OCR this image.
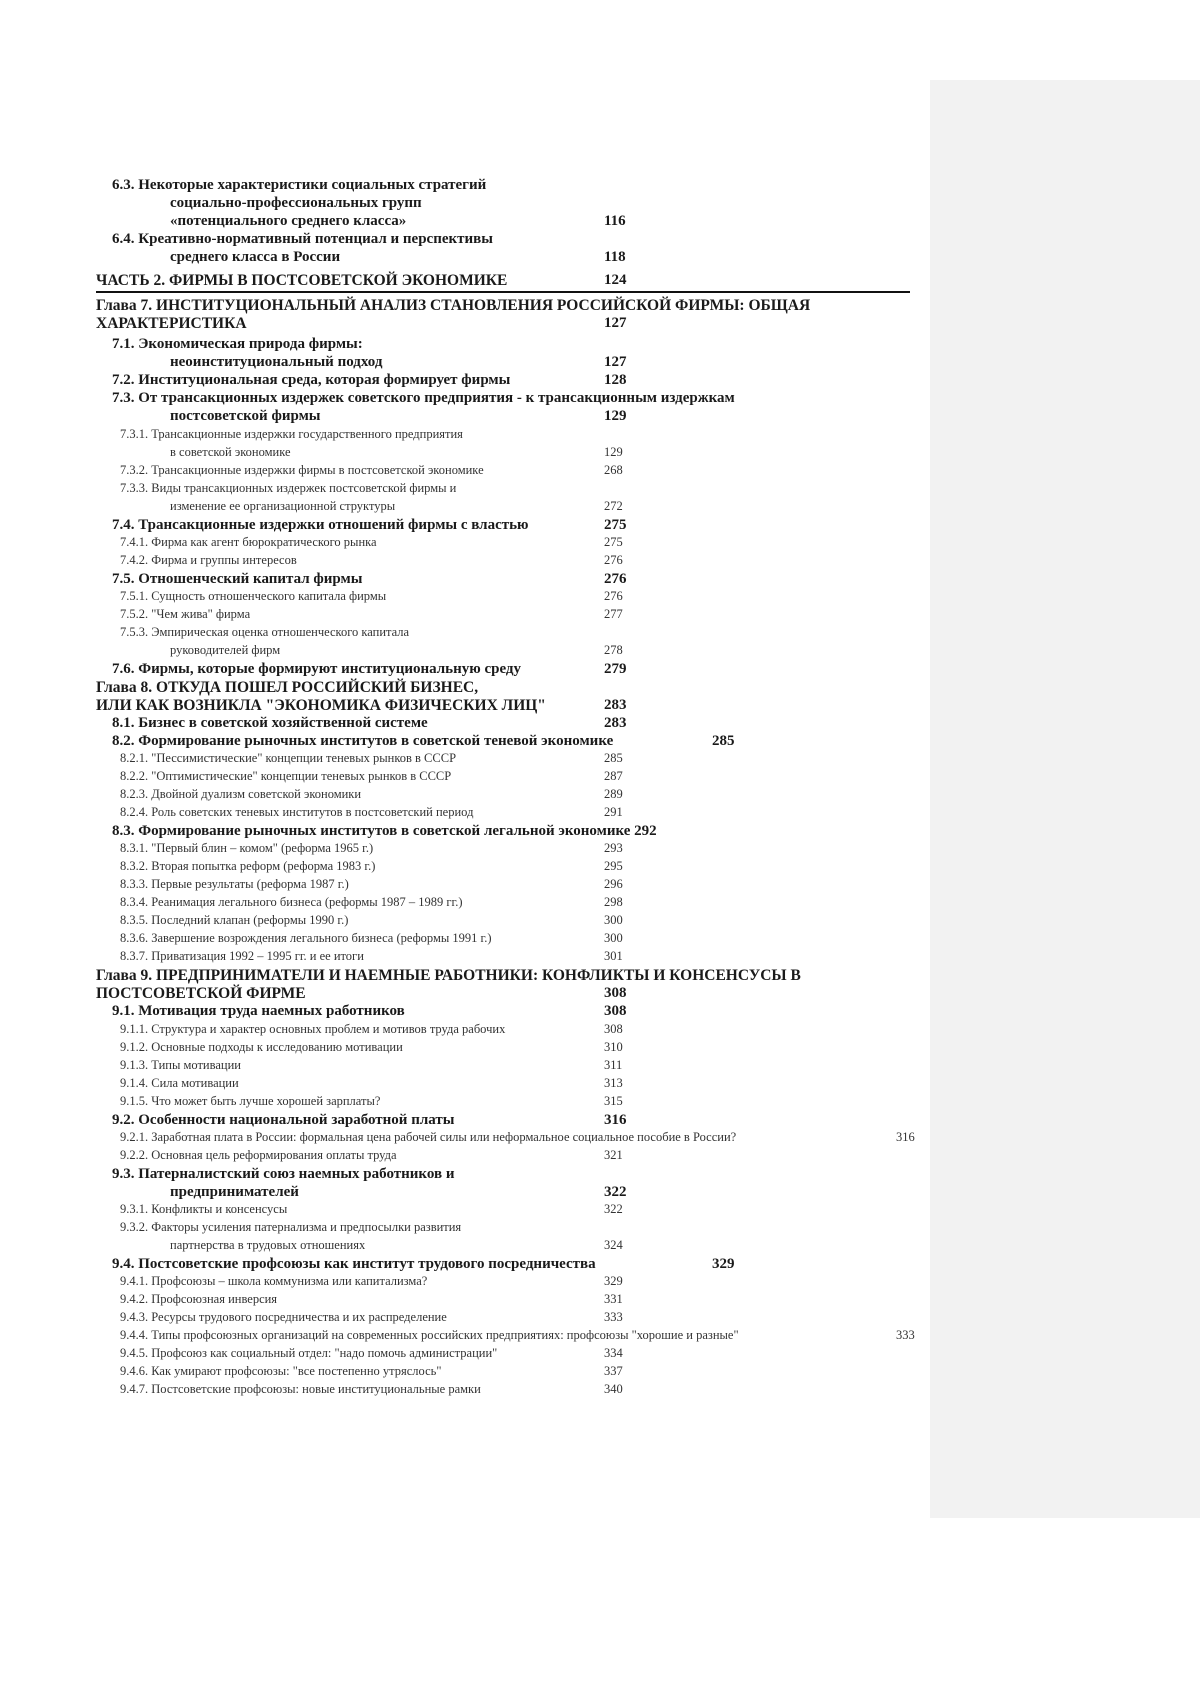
6.3. Некоторые характеристики социальных стратегий
социально-профессиональных групп
«потенциального среднего класса»	116
6.4. Креативно-нормативный потенциал и перспективы
среднего класса в России	118
ЧАСТЬ 2. ФИРМЫ В ПОСТСОВЕТСКОЙ ЭКОНОМИКЕ	124
Глава 7. ИНСТИТУЦИОНАЛЬНЫЙ АНАЛИЗ СТАНОВЛЕНИЯ РОССИЙСКОЙ ФИРМЫ: ОБЩАЯ
ХАРАКТЕРИСТИКА	127
7.1. Экономическая природа фирмы:
неоинституциональный подход	127
7.2. Институциональная среда, которая формирует фирмы	128
7.3. От трансакционных издержек советского предприятия - к трансакционным издержкам
постсоветской фирмы	129
7.3.1. Трансакционные издержки государственного предприятия
в советской экономике	129
7.3.2. Трансакционные издержки фирмы в постсоветской экономике	268
7.3.3. Виды трансакционных издержек постсоветской фирмы и
изменение ее организационной структуры	272
7.4. Трансакционные издержки отношений фирмы с властью	275
7.4.1. Фирма как агент бюрократического рынка	275
7.4.2. Фирма и группы интересов	276
7.5. Отношенческий капитал фирмы	276
7.5.1. Сущность отношенческого капитала фирмы	276
7.5.2. "Чем жива" фирма	277
7.5.3. Эмпирическая оценка отношенческого капитала
руководителей фирм	278
7.6. Фирмы, которые формируют институциональную среду	279
Глава 8. ОТКУДА ПОШЕЛ РОССИЙСКИЙ БИЗНЕС,
ИЛИ КАК ВОЗНИКЛА "ЭКОНОМИКА ФИЗИЧЕСКИХ ЛИЦ"	283
8.1. Бизнес в советской хозяйственной системе	283
8.2. Формирование рыночных институтов в советской теневой экономике	285
8.2.1. "Пессимистические" концепции теневых рынков в СССР	285
8.2.2. "Оптимистические" концепции теневых рынков в СССР	287
8.2.3. Двойной дуализм советской экономики	289
8.2.4. Роль советских теневых институтов в постсоветский период	291
8.3. Формирование рыночных институтов в советской легальной экономике 292
8.3.1. "Первый блин – комом" (реформа 1965 г.)	293
8.3.2. Вторая попытка реформ (реформа 1983 г.)	295
8.3.3. Первые результаты (реформа 1987 г.)	296
8.3.4. Реанимация легального бизнеса (реформы 1987 – 1989 гг.)	298
8.3.5. Последний клапан (реформы 1990 г.)	300
8.3.6. Завершение возрождения легального бизнеса (реформы 1991 г.)	300
8.3.7. Приватизация 1992 – 1995 гг. и ее итоги	301
Глава 9. ПРЕДПРИНИМАТЕЛИ И НАЕМНЫЕ РАБОТНИКИ: КОНФЛИКТЫ И КОНСЕНСУСЫ В
ПОСТСОВЕТСКОЙ ФИРМЕ	308
9.1. Мотивация труда наемных работников	308
9.1.1. Структура и характер основных проблем и мотивов труда рабочих	308
9.1.2. Основные подходы к исследованию мотивации	310
9.1.3. Типы мотивации	311
9.1.4. Сила мотивации	313
9.1.5. Что может быть лучше хорошей зарплаты?	315
9.2. Особенности национальной заработной платы	316
9.2.1. Заработная плата в России: формальная цена рабочей силы или неформальное социальное пособие в России?	316
9.2.2. Основная цель реформирования оплаты труда	321
9.3. Патерналистский союз наемных работников и
предпринимателей	322
9.3.1. Конфликты и консенсусы	322
9.3.2. Факторы усиления патернализма и предпосылки развития
партнерства в трудовых отношениях	324
9.4. Постсоветские профсоюзы как институт трудового посредничества	329
9.4.1. Профсоюзы – школа коммунизма или капитализма?	329
9.4.2. Профсоюзная инверсия	331
9.4.3. Ресурсы трудового посредничества и их распределение	333
9.4.4. Типы профсоюзных организаций на современных российских предприятиях: профсоюзы "хорошие и разные"	333
9.4.5. Профсоюз как социальный отдел: "надо помочь администрации"	334
9.4.6. Как умирают профсоюзы: "все постепенно утряслось"	337
9.4.7. Постсоветские профсоюзы: новые институциональные рамки	340
